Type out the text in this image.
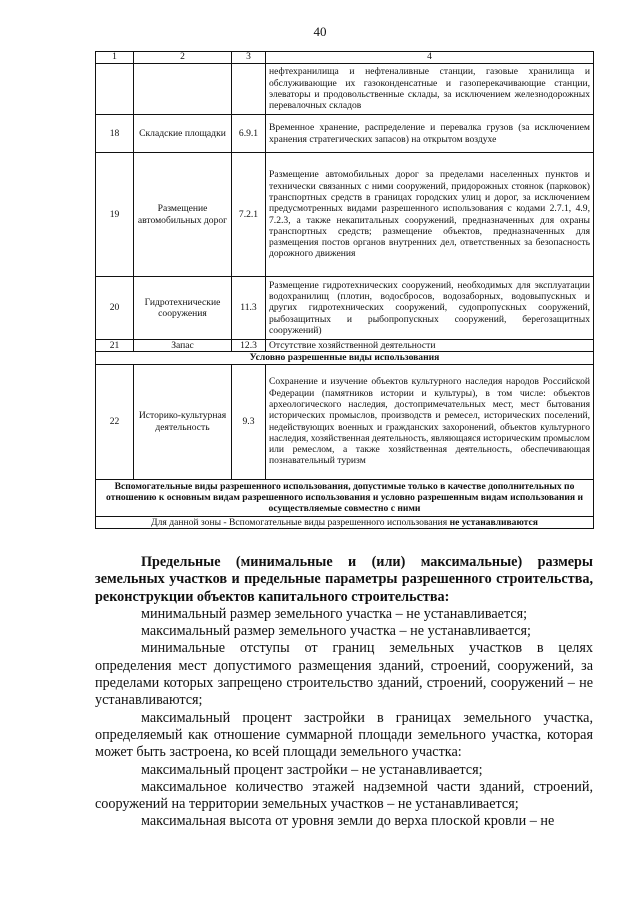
40
1	2	3	4
			нефтехранилища и нефтеналивные станции, газовые хранилища и обслуживающие их газоконденсатные и газоперекачивающие станции, элеваторы и продовольственные склады, за исключением железнодорожных перевалочных складов
18	Складские площадки	6.9.1	Временное хранение, распределение и перевалка грузов (за исключением хранения стратегических запасов) на открытом воздухе
19	Размещение автомобильных дорог	7.2.1	Размещение автомобильных дорог за пределами населенных пунктов и технически связанных с ними сооружений, придорожных стоянок (парковок) транспортных средств в границах городских улиц и дорог, за исключением предусмотренных видами разрешенного использования с кодами 2.7.1, 4.9, 7.2.3, а также некапитальных сооружений, предназначенных для охраны транспортных средств; размещение объектов, предназначенных для размещения постов органов внутренних дел, ответственных за безопасность дорожного движения
20	Гидротехнические сооружения	11.3	Размещение гидротехнических сооружений, необходимых для эксплуатации водохранилищ (плотин, водосбросов, водозаборных, водовыпускных и других гидротехнических сооружений, судопропускных сооружений, рыбозащитных и рыбопропускных сооружений, берегозащитных сооружений)
21	Запас	12.3	Отсутствие хозяйственной деятельности
Условно разрешенные виды использования			
22	Историко-культурная деятельность	9.3	Сохранение и изучение объектов культурного наследия народов Российской Федерации (памятников истории и культуры), в том числе: объектов археологического наследия, достопримечательных мест, мест бытования исторических промыслов, производств и ремесел, исторических поселений, недействующих военных и гражданских захоронений, объектов культурного наследия, хозяйственная деятельность, являющаяся историческим промыслом или ремеслом, а также хозяйственная деятельность, обеспечивающая познавательный туризм
Вспомогательные виды разрешенного использования, допустимые только в качестве дополнительных по отношению к основным видам разрешенного использования и условно разрешенным видам использования и осуществляемые совместно с ними			
Для данной зоны - Вспомогательные виды разрешенного использования не устанавливаются			

Предельные (минимальные и (или) максимальные) размеры земельных участков и предельные параметры разрешенного строительства, реконструкции объектов капитального строительства:

минимальный размер земельного участка – не устанавливается;

максимальный размер земельного участка – не устанавливается;

минимальные отступы от границ земельных участков в целях определения мест допустимого размещения зданий, строений, сооружений, за пределами которых запрещено строительство зданий, строений, сооружений – не устанавливаются;

максимальный процент застройки в границах земельного участка, определяемый как отношение суммарной площади земельного участка, которая может быть застроена, ко всей площади земельного участка:

максимальный процент застройки – не устанавливается;

максимальное количество этажей надземной части зданий, строений, сооружений на территории земельных участков – не устанавливается;

максимальная высота от уровня земли до верха плоской кровли – не
